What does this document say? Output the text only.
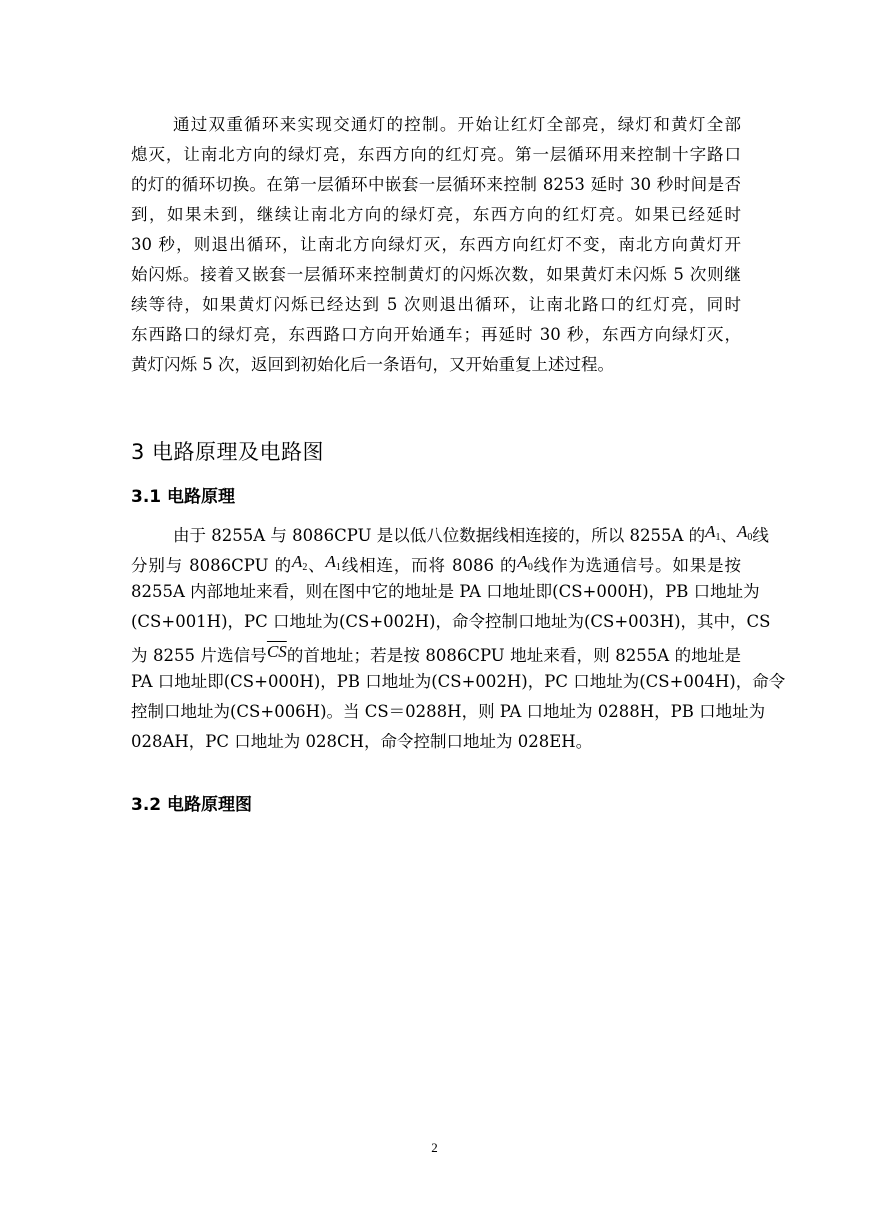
通过双重循环来实现交通灯的控制。开始让红灯全部亮，绿灯和黄灯全部
熄灭，让南北方向的绿灯亮，东西方向的红灯亮。第一层循环用来控制十字路口
的灯的循环切换。在第一层循环中嵌套一层循环来控制 8253 延时 30 秒时间是否
到，如果未到，继续让南北方向的绿灯亮，东西方向的红灯亮。如果已经延时
30 秒，则退出循环，让南北方向绿灯灭，东西方向红灯不变，南北方向黄灯开
始闪烁。接着又嵌套一层循环来控制黄灯的闪烁次数，如果黄灯未闪烁 5 次则继
续等待，如果黄灯闪烁已经达到 5 次则退出循环，让南北路口的红灯亮，同时
东西路口的绿灯亮，东西路口方向开始通车；再延时 30 秒，东西方向绿灯灭，
黄灯闪烁 5 次，返回到初始化后一条语句，又开始重复上述过程。
3 电路原理及电路图
3.1 电路原理
由于 8255A 与 8086CPU 是以低八位数据线相连接的，所以 8255A 的$A_1$、$A_0$线
分别与 8086CPU 的$A_2$、$A_1$线相连，而将 8086 的$A_0$线作为选通信号。如果是按
8255A 内部地址来看，则在图中它的地址是 PA 口地址即(CS+000H)，PB 口地址为
(CS+001H)，PC 口地址为(CS+002H)，命令控制口地址为(CS+003H)，其中，CS
为 8255 片选信号$\overline{CS}$的首地址；若是按 8086CPU 地址来看，则 8255A 的地址是
PA 口地址即(CS+000H)，PB 口地址为(CS+002H)，PC 口地址为(CS+004H)，命令
控制口地址为(CS+006H)。当 CS＝0288H，则 PA 口地址为 0288H，PB 口地址为
028AH，PC 口地址为 028CH，命令控制口地址为 028EH。
3.2 电路原理图
2
